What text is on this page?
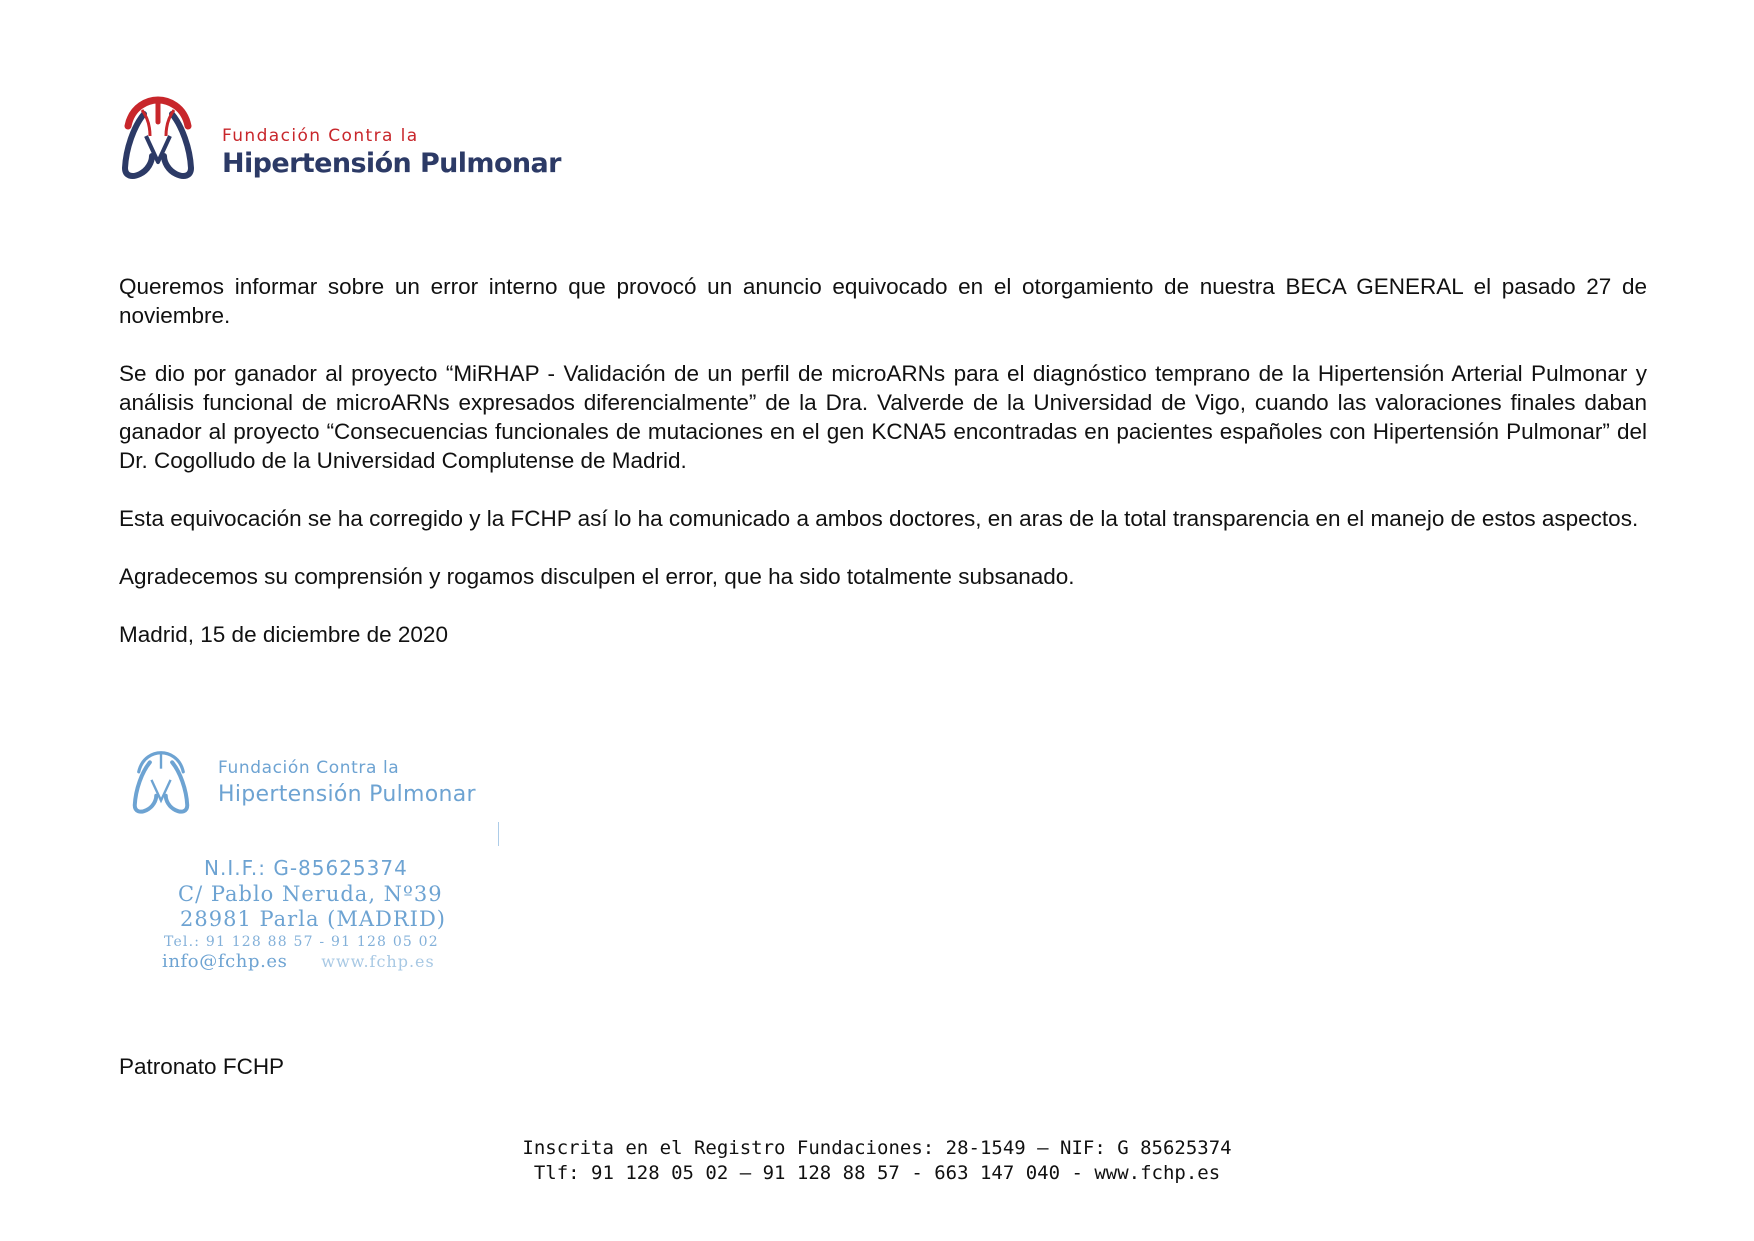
Fundación Contra la
Hipertensión Pulmonar

Queremos informar sobre un error interno que provocó un anuncio equivocado en el otorgamiento de nuestra BECA GENERAL el pasado 27 de noviembre.

Se dio por ganador al proyecto “MiRHAP - Validación de un perfil de microARNs para el diagnóstico temprano de la Hipertensión Arterial Pulmonar y análisis funcional de microARNs expresados diferencialmente” de la Dra. Valverde de la Universidad de Vigo, cuando las valoraciones finales daban ganador al proyecto “Consecuencias funcionales de mutaciones en el gen KCNA5 encontradas en pacientes españoles con Hipertensión Pulmonar” del Dr. Cogolludo de la Universidad Complutense de Madrid.

Esta equivocación se ha corregido y la FCHP así lo ha comunicado a ambos doctores, en aras de la total transparencia en el manejo de estos aspectos.

Agradecemos su comprensión y rogamos disculpen el error, que ha sido totalmente subsanado.

Madrid, 15 de diciembre de 2020

Fundación Contra la
Hipertensión Pulmonar
N.I.F.: G-85625374
C/ Pablo Neruda, Nº39
28981 Parla (MADRID)
Tel.: 91 128 88 57 - 91 128 05 02
info@fchp.es www.fchp.es
Patronato FCHP
Inscrita en el Registro Fundaciones: 28-1549 – NIF: G 85625374
Tlf: 91 128 05 02 – 91 128 88 57 - 663 147 040 - www.fchp.es
